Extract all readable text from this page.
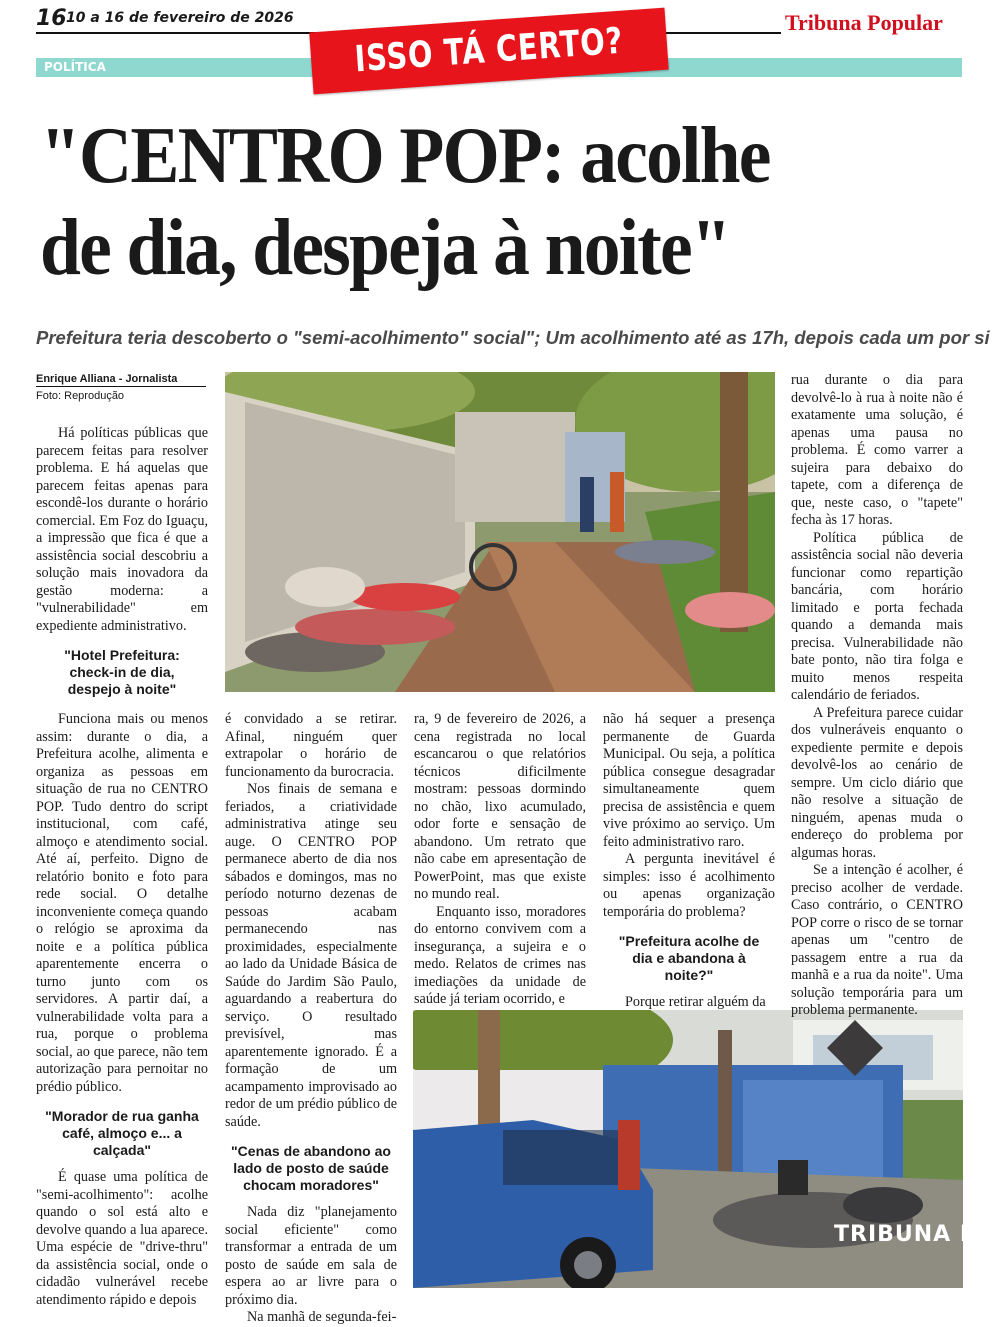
16 10 a 16 de fevereiro de 2026	Tribuna Popular
POLÍTICA	ISSO TÁ CERTO?
"CENTRO POP: acolhe
de dia, despeja à noite"
Prefeitura teria descoberto o "semi-acolhimento" social"; Um acolhimento até as 17h, depois cada um por si
Enrique Alliana - Jornalista
Foto: Reprodução
TRIBUNA FO

Há políticas públicas que parecem feitas para resolver problema. E há aquelas que parecem feitas apenas para escondê-los durante o horário comercial. Em Foz do Iguaçu, a impressão que fica é que a assistência social descobriu a solução mais inovadora da gestão moderna: a "vulnerabilidade" em expediente administrativo.

"Hotel Prefeitura: check-in de dia, despejo à noite"

Funciona mais ou menos assim: durante o dia, a Prefeitura acolhe, alimenta e organiza as pessoas em situação de rua no CENTRO POP. Tudo dentro do script institucional, com café, almoço e atendimento social. Até aí, perfeito. Digno de relatório bonito e foto para rede social. O detalhe inconveniente começa quando o relógio se aproxima da noite e a política pública aparentemente encerra o turno junto com os servidores. A partir daí, a vulnerabilidade volta para a rua, porque o problema social, ao que parece, não tem autorização para pernoitar no prédio público.

"Morador de rua ganha café, almoço e... a calçada"

É quase uma política de "semi-acolhimento": acolhe quando o sol está alto e devolve quando a lua aparece. Uma espécie de "drive-thru" da assistência social, onde o cidadão vulnerável recebe atendimento rápido e depois

é convidado a se retirar. Afinal, ninguém quer extrapolar o horário de funcionamento da burocracia.

Nos finais de semana e feriados, a criatividade administrativa atinge seu auge. O CENTRO POP permanece aberto de dia nos sábados e domingos, mas no período noturno dezenas de pessoas acabam permanecendo nas proximidades, especialmente ao lado da Unidade Básica de Saúde do Jardim São Paulo, aguardando a reabertura do serviço. O resultado previsível, mas aparentemente ignorado. É a formação de um acampamento improvisado ao redor de um prédio público de saúde.

"Cenas de abandono ao lado de posto de saúde chocam moradores"

Nada diz "planejamento social eficiente" como transformar a entrada de um posto de saúde em sala de espera ao ar livre para o próximo dia.

Na manhã de segunda-fei-

ra, 9 de fevereiro de 2026, a cena registrada no local escancarou o que relatórios técnicos dificilmente mostram: pessoas dormindo no chão, lixo acumulado, odor forte e sensação de abandono. Um retrato que não cabe em apresentação de PowerPoint, mas que existe no mundo real.

Enquanto isso, moradores do entorno convivem com a insegurança, a sujeira e o medo. Relatos de crimes nas imediações da unidade de saúde já teriam ocorrido, e

não há sequer a presença permanente de Guarda Municipal. Ou seja, a política pública consegue desagradar simultaneamente quem precisa de assistência e quem vive próximo ao serviço. Um feito administrativo raro.

A pergunta inevitável é simples: isso é acolhimento ou apenas organização temporária do problema?

"Prefeitura acolhe de dia e abandona à noite?"

Porque retirar alguém da

rua durante o dia para devolvê-lo à rua à noite não é exatamente uma solução, é apenas uma pausa no problema. É como varrer a sujeira para debaixo do tapete, com a diferença de que, neste caso, o "tapete" fecha às 17 horas.

Política pública de assistência social não deveria funcionar como repartição bancária, com horário limitado e porta fechada quando a demanda mais precisa. Vulnerabilidade não bate ponto, não tira folga e muito menos respeita calendário de feriados.

A Prefeitura parece cuidar dos vulneráveis enquanto o expediente permite e depois devolvê-los ao cenário de sempre. Um ciclo diário que não resolve a situação de ninguém, apenas muda o endereço do problema por algumas horas.

Se a intenção é acolher, é preciso acolher de verdade. Caso contrário, o CENTRO POP corre o risco de se tornar apenas um "centro de passagem entre a rua da manhã e a rua da noite". Uma solução temporária para um problema permanente.
